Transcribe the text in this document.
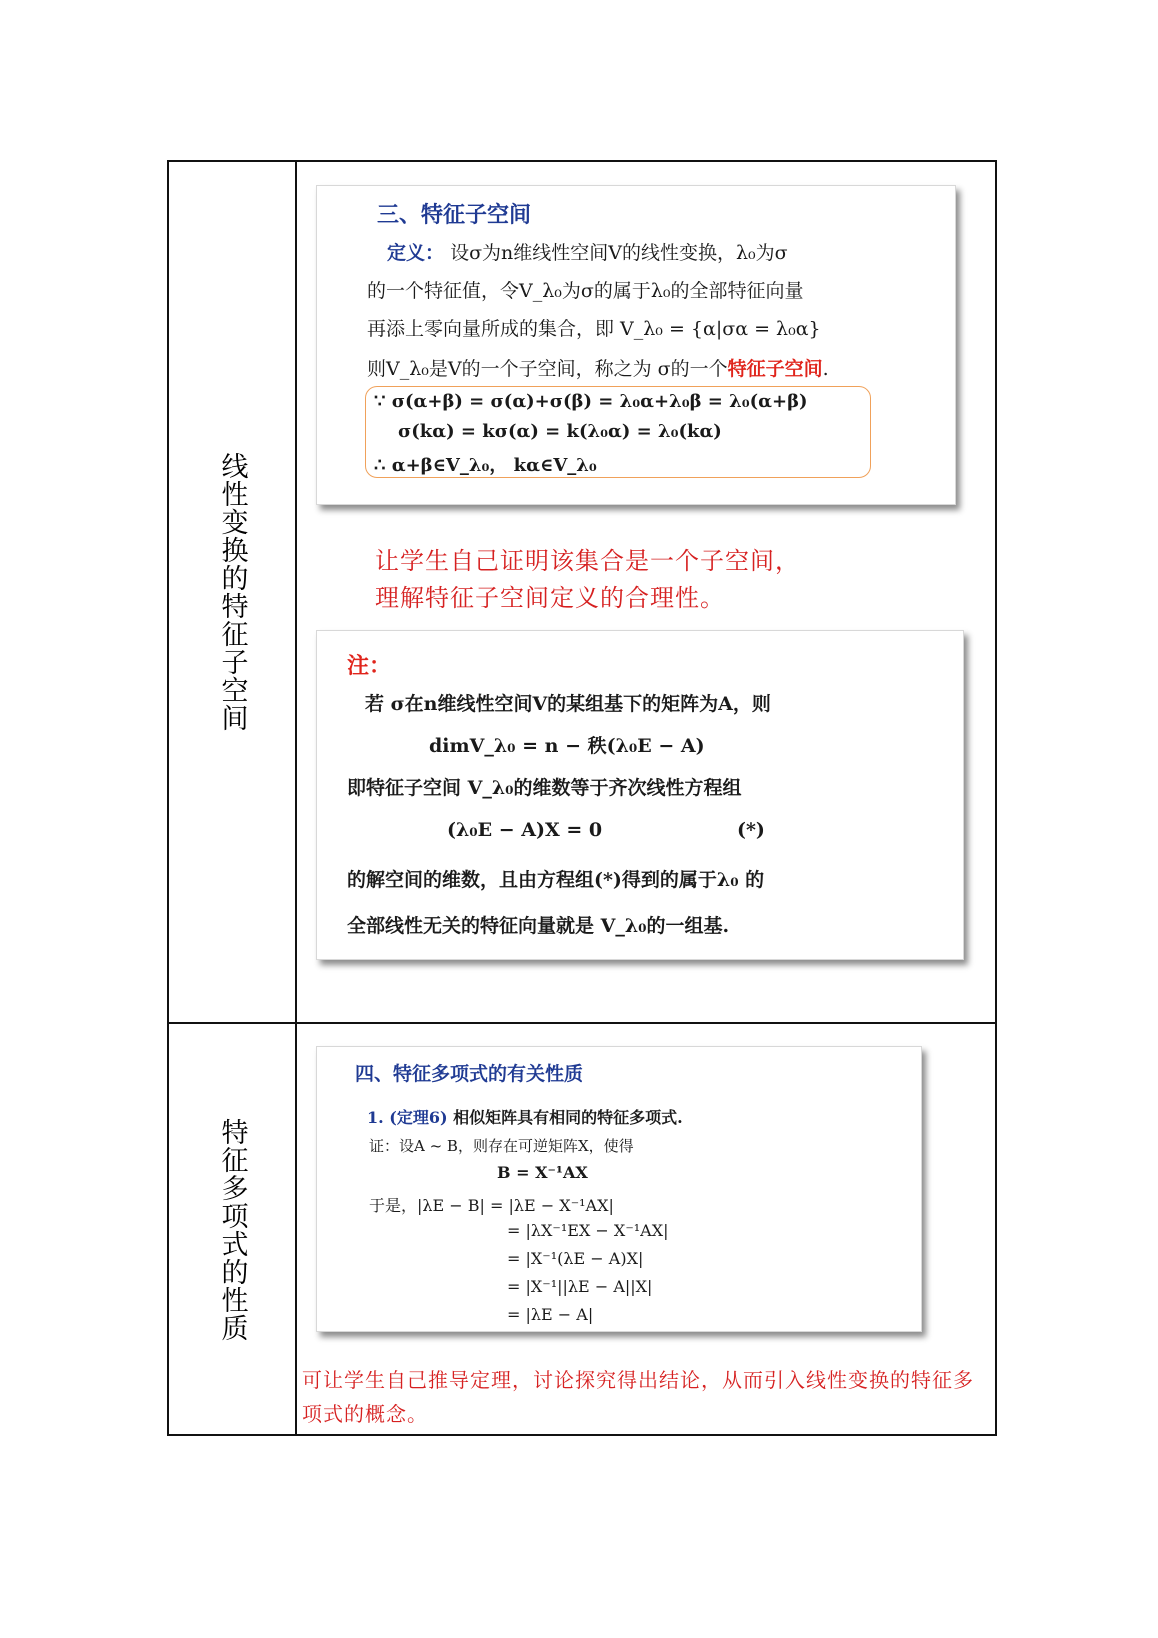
线性变换的特征子空间
特征多项式的性质
三、特征子空间
定义： 设σ为n维线性空间V的线性变换，λ₀为σ
的一个特征值，令V_λ₀为σ的属于λ₀的全部特征向量
再添上零向量所成的集合，即 V_λ₀ = {α|σα = λ₀α}
则V_λ₀是V的一个子空间，称之为 σ的一个特征子空间.
∵ σ(α+β) = σ(α)+σ(β) = λ₀α+λ₀β = λ₀(α+β)
σ(kα) = kσ(α) = k(λ₀α) = λ₀(kα)
∴ α+β∈V_λ₀， kα∈V_λ₀
让学生自己证明该集合是一个子空间，
理解特征子空间定义的合理性。
注：
若 σ在n维线性空间V的某组基下的矩阵为A，则
dimV_λ₀ = n − 秩(λ₀E − A)
即特征子空间 V_λ₀的维数等于齐次线性方程组
(λ₀E − A)X = 0	(*)
的解空间的维数，且由方程组(*)得到的属于λ₀ 的
全部线性无关的特征向量就是 V_λ₀的一组基.
四、特征多项式的有关性质
1. (定理6) 相似矩阵具有相同的特征多项式.
证：设A ~ B，则存在可逆矩阵X，使得
B = X⁻¹AX
于是，|λE − B| = |λE − X⁻¹AX|
= |λX⁻¹EX − X⁻¹AX|
= |X⁻¹(λE − A)X|
= |X⁻¹||λE − A||X|
= |λE − A|
可让学生自己推导定理，讨论探究得出结论，从而引入线性变换的特征多项式的概念。
